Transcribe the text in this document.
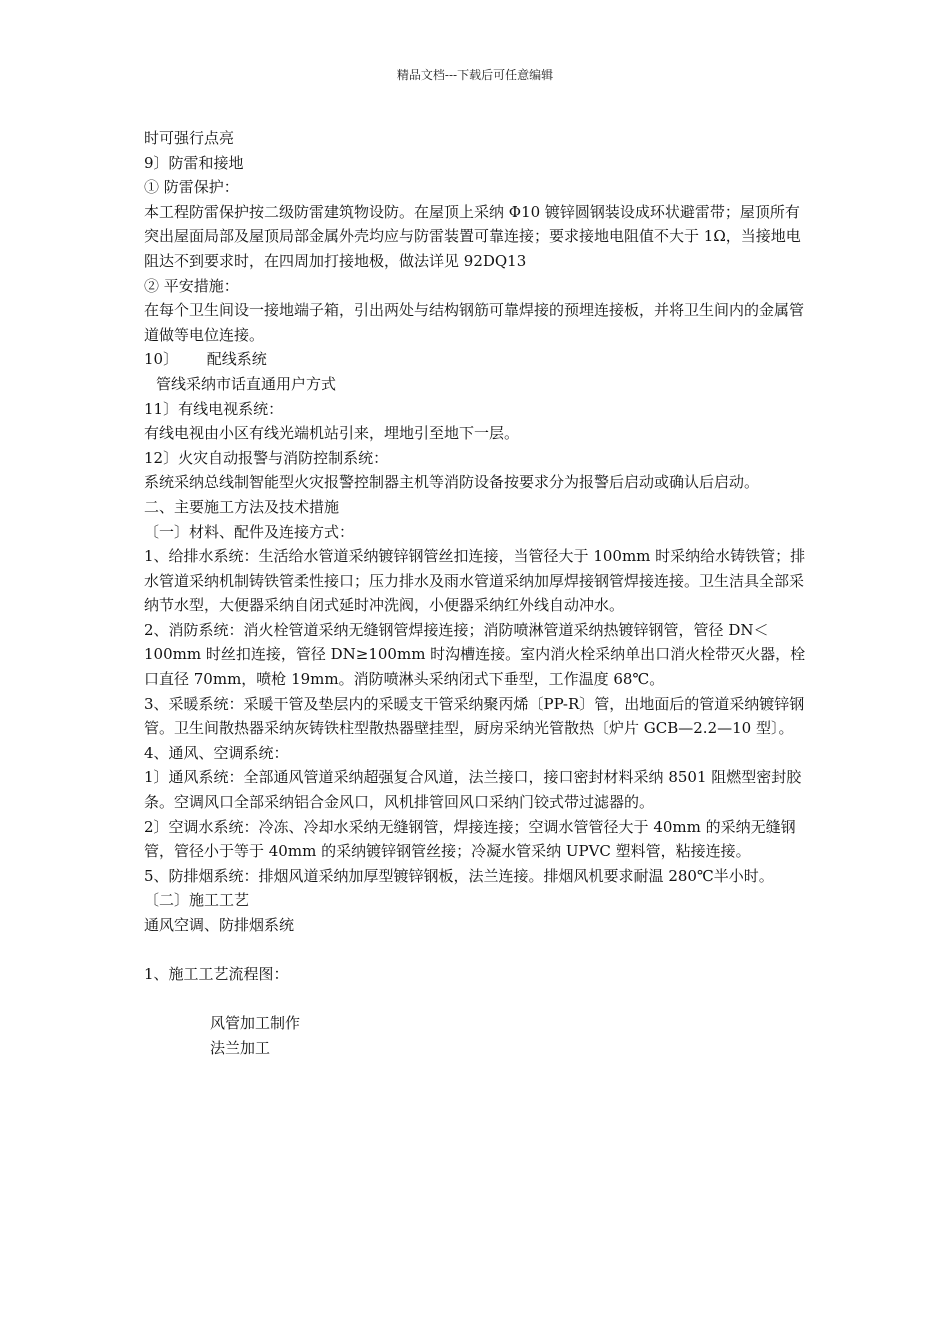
精品文档---下载后可任意编辑

时可强行点亮

9〕防雷和接地

① 防雷保护：

本工程防雷保护按二级防雷建筑物设防。在屋顶上采纳 Φ10 镀锌圆钢装设成环状避雷带；屋顶所有突出屋面局部及屋顶局部金属外壳均应与防雷装置可靠连接；要求接地电阻值不大于 1Ω，当接地电阻达不到要求时，在四周加打接地极，做法详见 92DQ13

② 平安措施：

在每个卫生间设一接地端子箱，引出两处与结构钢筋可靠焊接的预埋连接板，并将卫生间内的金属管道做等电位连接。

10〕      配线系统

管线采纳市话直通用户方式

11〕有线电视系统：

有线电视由小区有线光端机站引来，埋地引至地下一层。

12〕火灾自动报警与消防控制系统：

系统采纳总线制智能型火灾报警控制器主机等消防设备按要求分为报警后启动或确认后启动。

二、主要施工方法及技术措施

〔一〕材料、配件及连接方式：

1、给排水系统：生活给水管道采纳镀锌钢管丝扣连接，当管径大于 100mm 时采纳给水铸铁管；排水管道采纳机制铸铁管柔性接口；压力排水及雨水管道采纳加厚焊接钢管焊接连接。卫生洁具全部采纳节水型，大便器采纳自闭式延时冲洗阀，小便器采纳红外线自动冲水。

2、消防系统：消火栓管道采纳无缝钢管焊接连接；消防喷淋管道采纳热镀锌钢管，管径 DN＜100mm 时丝扣连接，管径 DN≥100mm 时沟槽连接。室内消火栓采纳单出口消火栓带灭火器，栓口直径 70mm，喷枪 19mm。消防喷淋头采纳闭式下垂型，工作温度 68℃。

3、采暖系统：采暖干管及垫层内的采暖支干管采纳聚丙烯〔PP-R〕管，出地面后的管道采纳镀锌钢管。卫生间散热器采纳灰铸铁柱型散热器壁挂型，厨房采纳光管散热〔炉片 GCB—2.2—10 型〕。

4、通风、空调系统：

1〕通风系统：全部通风管道采纳超强复合风道，法兰接口，接口密封材料采纳 8501 阻燃型密封胶条。空调风口全部采纳铝合金风口，风机排管回风口采纳门铰式带过滤器的。

2〕空调水系统：冷冻、冷却水采纳无缝钢管，焊接连接；空调水管管径大于 40mm 的采纳无缝钢管，管径小于等于 40mm 的采纳镀锌钢管丝接；冷凝水管采纳 UPVC 塑料管，粘接连接。

5、防排烟系统：排烟风道采纳加厚型镀锌钢板，法兰连接。排烟风机要求耐温 280℃半小时。

〔二〕施工工艺

通风空调、防排烟系统

1、施工工艺流程图：

风管加工制作

法兰加工
